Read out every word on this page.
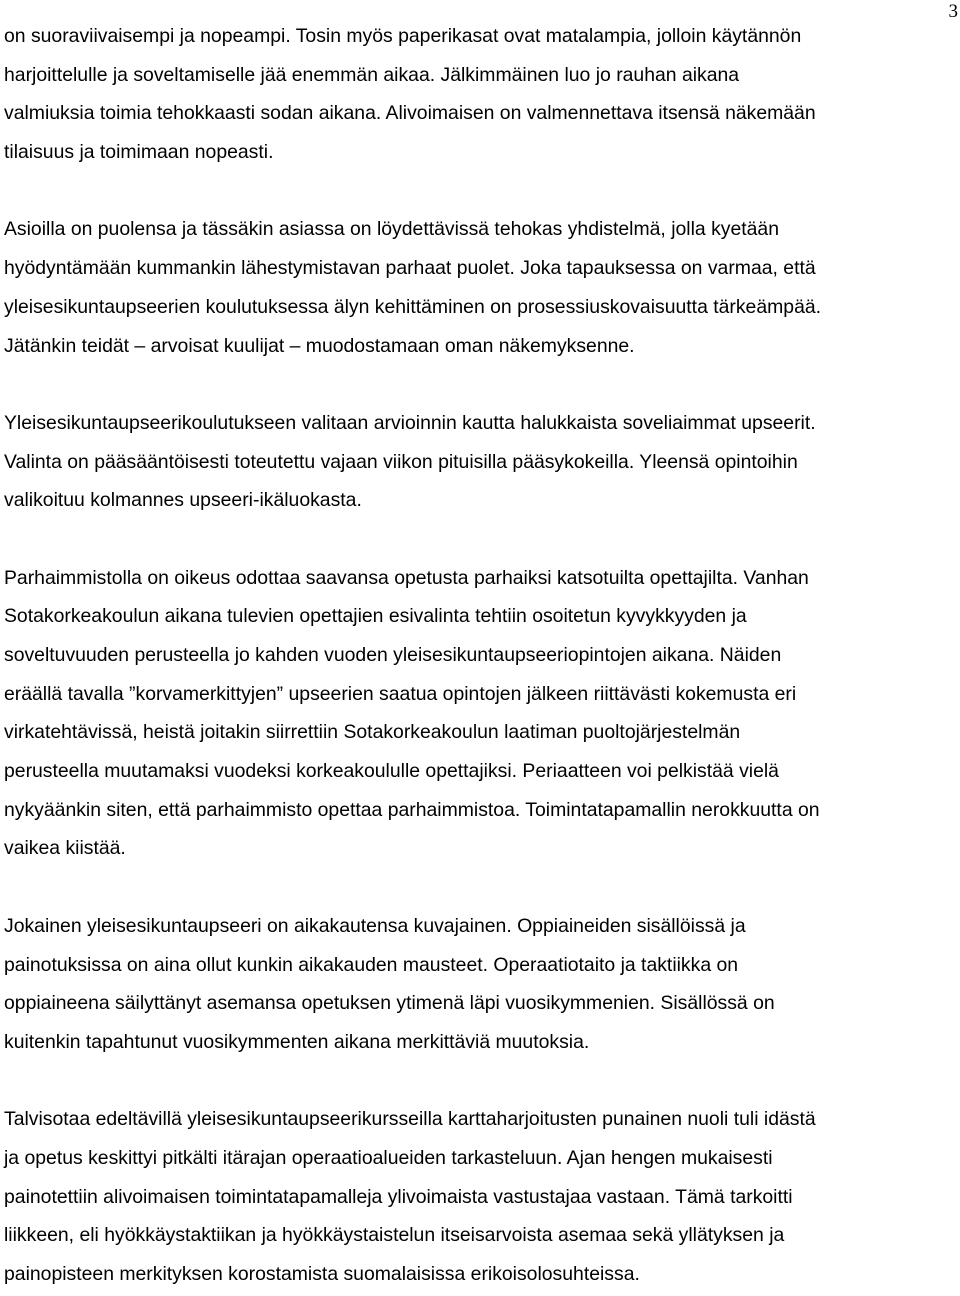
3
on suoraviivaisempi ja nopeampi. Tosin myös paperikasat ovat matalampia, jolloin käytännön
harjoittelulle ja soveltamiselle jää enemmän aikaa. Jälkimmäinen luo jo rauhan aikana
valmiuksia toimia tehokkaasti sodan aikana. Alivoimaisen on valmennettava itsensä näkemään
tilaisuus ja toimimaan nopeasti.
Asioilla on puolensa ja tässäkin asiassa on löydettävissä tehokas yhdistelmä, jolla kyetään
hyödyntämään kummankin lähestymistavan parhaat puolet. Joka tapauksessa on varmaa, että
yleisesikuntaupseerien koulutuksessa älyn kehittäminen on prosessiuskovaisuutta tärkeämpää.
Jätänkin teidät – arvoisat kuulijat – muodostamaan oman näkemyksenne.
Yleisesikuntaupseerikoulutukseen valitaan arvioinnin kautta halukkaista soveliaimmat upseerit.
Valinta on pääsääntöisesti toteutettu vajaan viikon pituisilla pääsykokeilla. Yleensä opintoihin
valikoituu kolmannes upseeri-ikäluokasta.
Parhaimmistolla on oikeus odottaa saavansa opetusta parhaiksi katsotuilta opettajilta. Vanhan
Sotakorkeakoulun aikana tulevien opettajien esivalinta tehtiin osoitetun kyvykkyyden ja
soveltuvuuden perusteella jo kahden vuoden yleisesikuntaupseeriopintojen aikana. Näiden
eräällä tavalla ”korvamerkittyjen” upseerien saatua opintojen jälkeen riittävästi kokemusta eri
virkatehtävissä, heistä joitakin siirrettiin Sotakorkeakoulun laatiman puoltojärjestelmän
perusteella muutamaksi vuodeksi korkeakoululle opettajiksi. Periaatteen voi pelkistää vielä
nykyäänkin siten, että parhaimmisto opettaa parhaimmistoa. Toimintatapamallin nerokkuutta on
vaikea kiistää.
Jokainen yleisesikuntaupseeri on aikakautensa kuvajainen. Oppiaineiden sisällöissä ja
painotuksissa on aina ollut kunkin aikakauden mausteet. Operaatiotaito ja taktiikka on
oppiaineena säilyttänyt asemansa opetuksen ytimenä läpi vuosikymmenien. Sisällössä on
kuitenkin tapahtunut vuosikymmenten aikana merkittäviä muutoksia.
Talvisotaa edeltävillä yleisesikuntaupseerikursseilla karttaharjoitusten punainen nuoli tuli idästä
ja opetus keskittyi pitkälti itärajan operaatioalueiden tarkasteluun. Ajan hengen mukaisesti
painotettiin alivoimaisen toimintatapamalleja ylivoimaista vastustajaa vastaan. Tämä tarkoitti
liikkeen, eli hyökkäystaktiikan ja hyökkäystaistelun itseisarvoista asemaa sekä yllätyksen ja
painopisteen merkityksen korostamista suomalaisissa erikoisolosuhteissa.
